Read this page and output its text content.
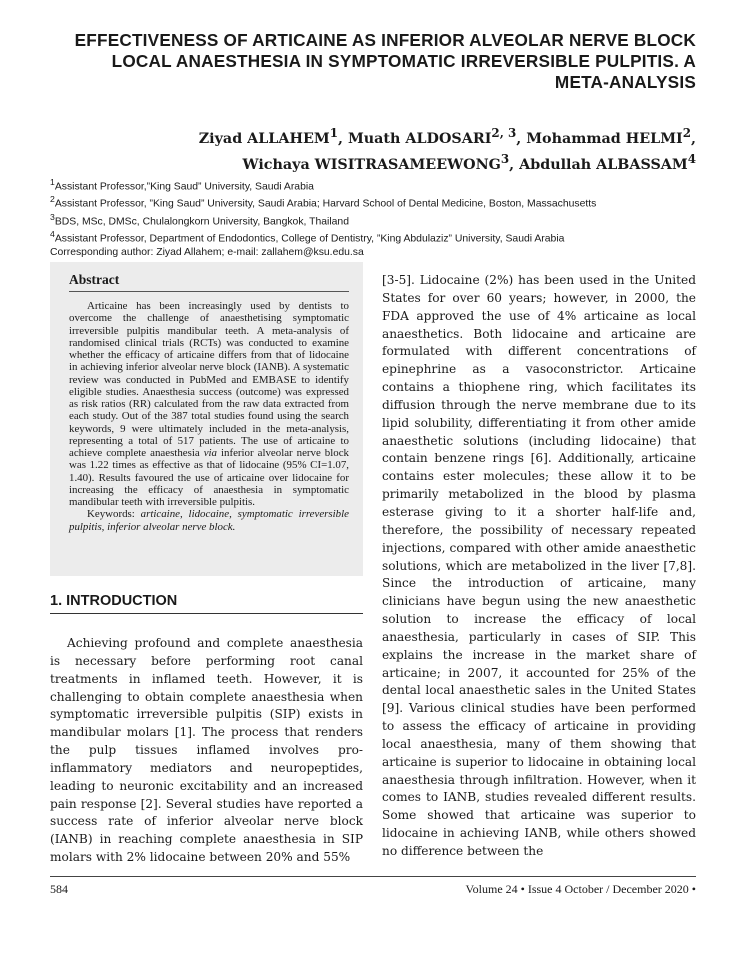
EFFECTIVENESS OF ARTICAINE AS INFERIOR ALVEOLAR NERVE BLOCK LOCAL ANAESTHESIA IN SYMPTOMATIC IRREVERSIBLE PULPITIS. A META-ANALYSIS
Ziyad ALLAHEM$^1$, Muath ALDOSARI$^{2, 3}$, Mohammad HELMI$^2$,
Wichaya WISITRASAMEEWONG$^3$, Abdullah ALBASSAM$^4$
$^1$Assistant Professor,”King Saud” University, Saudi Arabia
$^2$Assistant Professor, ”King Saud” University, Saudi Arabia; Harvard School of Dental Medicine, Boston, Massachusetts
$^3$BDS, MSc, DMSc, Chulalongkorn University, Bangkok, Thailand
$^4$Assistant Professor, Department of Endodontics, College of Dentistry, ”King Abdulaziz” University, Saudi Arabia
Corresponding author: Ziyad Allahem; e-mail: zallahem@ksu.edu.sa
Abstract
Articaine has been increasingly used by dentists to overcome the challenge of anaesthetising symptomatic irreversible pulpitis mandibular teeth. A meta-analysis of randomised clinical trials (RCTs) was conducted to examine whether the efficacy of articaine differs from that of lidocaine in achieving inferior alveolar nerve block (IANB). A systematic review was conducted in PubMed and EMBASE to identify eligible studies. Anaesthesia success (outcome) was expressed as risk ratios (RR) calculated from the raw data extracted from each study. Out of the 387 total studies found using the search keywords, 9 were ultimately included in the meta-analysis, representing a total of 517 patients. The use of articaine to achieve complete anaesthesia via inferior alveolar nerve block was 1.22 times as effective as that of lidocaine (95% CI=1.07, 1.40). Results favoured the use of articaine over lidocaine for increasing the efficacy of anaesthesia in symptomatic mandibular teeth with irreversible pulpitis.
Keywords: articaine, lidocaine, symptomatic irreversible pulpitis, inferior alveolar nerve block.
1. INTRODUCTION
Achieving profound and complete anaesthesia is necessary before performing root canal treatments in inflamed teeth. However, it is challenging to obtain complete anaesthesia when symptomatic irreversible pulpitis (SIP) exists in mandibular molars [1]. The process that renders the pulp tissues inflamed involves pro-inflammatory mediators and neuropeptides, leading to neuronic excitability and an increased pain response [2]. Several studies have reported a success rate of inferior alveolar nerve block (IANB) in reaching complete anaesthesia in SIP molars with 2% lidocaine between 20% and 55%
[3-5]. Lidocaine (2%) has been used in the United States for over 60 years; however, in 2000, the FDA approved the use of 4% articaine as local anaesthetics. Both lidocaine and articaine are formulated with different concentrations of epinephrine as a vasoconstrictor. Articaine contains a thiophene ring, which facilitates its diffusion through the nerve membrane due to its lipid solubility, differentiating it from other amide anaesthetic solutions (including lidocaine) that contain benzene rings [6]. Additionally, articaine contains ester molecules; these allow it to be primarily metabolized in the blood by plasma esterase giving to it a shorter half-life and, therefore, the possibility of necessary repeated injections, compared with other amide anaesthetic solutions, which are metabolized in the liver [7,8]. Since the introduction of articaine, many clinicians have begun using the new anaesthetic solution to increase the efficacy of local anaesthesia, particularly in cases of SIP. This explains the increase in the market share of articaine; in 2007, it accounted for 25% of the dental local anaesthetic sales in the United States [9]. Various clinical studies have been performed to assess the efficacy of articaine in providing local anaesthesia, many of them showing that articaine is superior to lidocaine in obtaining local anaesthesia through infiltration. However, when it comes to IANB, studies revealed different results. Some showed that articaine was superior to lidocaine in achieving IANB, while others showed no difference between the
584	Volume 24 • Issue 4 October / December 2020 •
